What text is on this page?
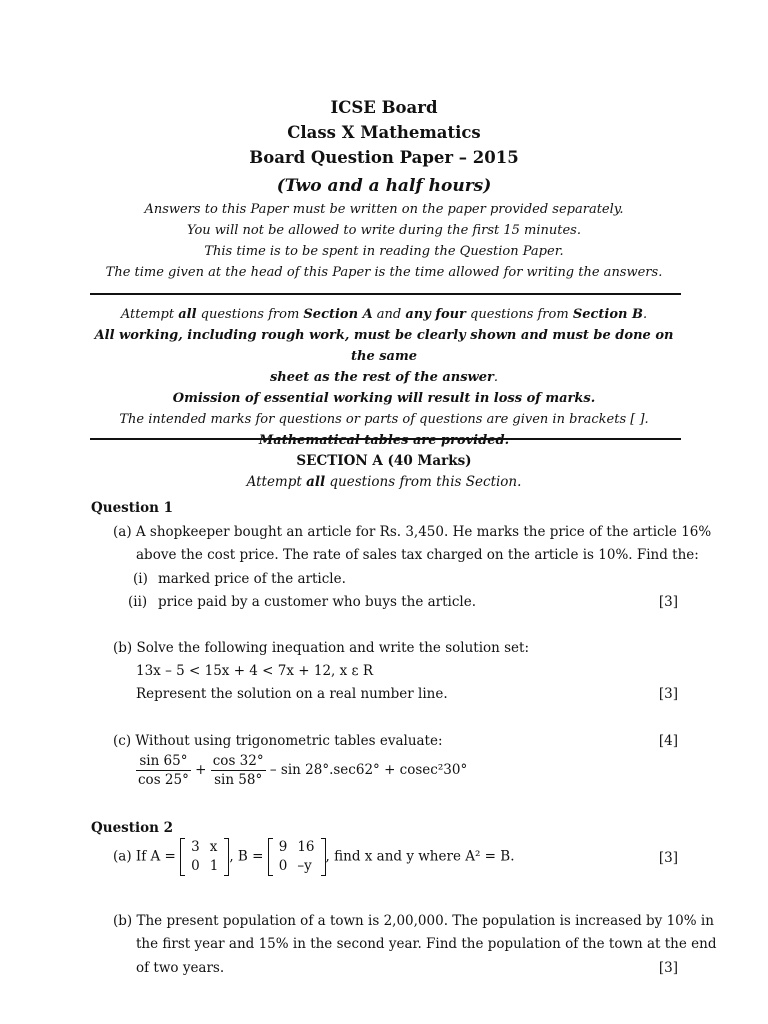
ICSE Board
Class X Mathematics
Board Question Paper – 2015
(Two and a half hours)
Answers to this Paper must be written on the paper provided separately.
You will not be allowed to write during the first 15 minutes.
This time is to be spent in reading the Question Paper.
The time given at the head of this Paper is the time allowed for writing the answers.
Attempt all questions from Section A and any four questions from Section B.
All working, including rough work, must be clearly shown and must be done on the same
sheet as the rest of the answer.
Omission of essential working will result in loss of marks.
The intended marks for questions or parts of questions are given in brackets [ ].
Mathematical tables are provided.
SECTION A (40 Marks)
Attempt all questions from this Section.
Question 1
(a) A shopkeeper bought an article for Rs. 3,450. He marks the price of the article 16%
above the cost price. The rate of sales tax charged on the article is 10%. Find the:
(i) marked price of the article.
(ii) price paid by a customer who buys the article.	[3]
(b) Solve the following inequation and write the solution set:
13x – 5 < 15x + 4 < 7x + 12, x ε R
Represent the solution on a real number line.	[3]
(c) Without using trigonometric tables evaluate:	[4]
$\frac{\sin 65^\circ}{\cos 25^\circ} + \frac{\cos 32^\circ}{\sin 58^\circ} - \sin 28^\circ.\sec 62^\circ + cosec^230^\circ$
Question 2
(a) If A =
3	x
0	1
, B =
9	16
0	–y
, find x and y where A² = B.	[3]
(b) The present population of a town is 2,00,000. The population is increased by 10% in
the first year and 15% in the second year. Find the population of the town at the end
of two years.	[3]
